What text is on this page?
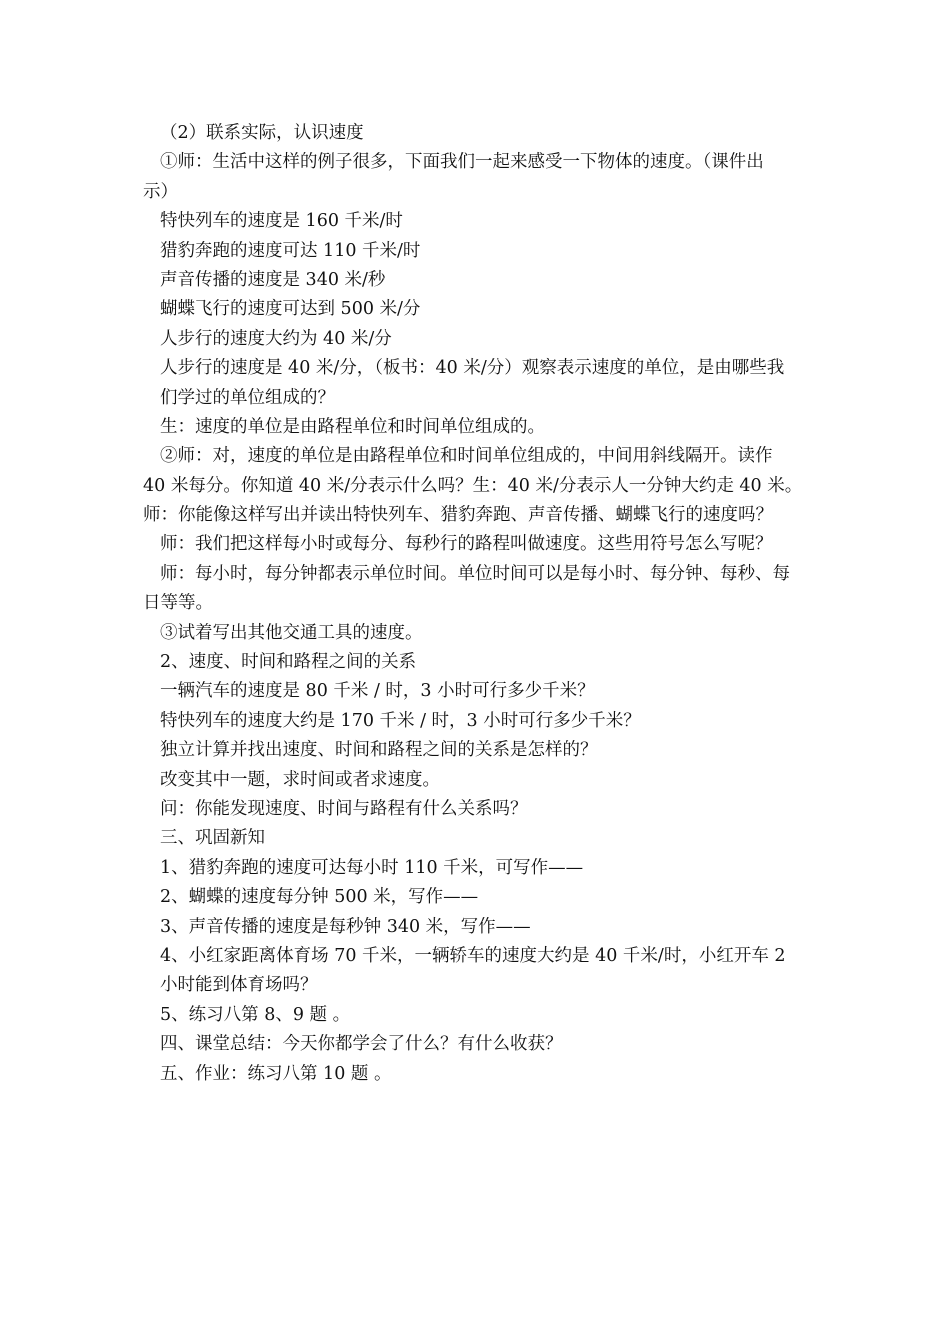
（2）联系实际，认识速度
①师：生活中这样的例子很多，下面我们一起来感受一下物体的速度。（课件出
示）
特快列车的速度是 160 千米/时
猎豹奔跑的速度可达 110 千米/时
声音传播的速度是 340 米/秒
蝴蝶飞行的速度可达到 500 米/分
人步行的速度大约为 40 米/分
人步行的速度是 40 米/分，（板书：40 米/分）观察表示速度的单位，是由哪些我
们学过的单位组成的？
生：速度的单位是由路程单位和时间单位组成的。
②师：对，速度的单位是由路程单位和时间单位组成的，中间用斜线隔开。读作
40 米每分。你知道 40 米/分表示什么吗？生：40 米/分表示人一分钟大约走 40 米。
师：你能像这样写出并读出特快列车、猎豹奔跑、声音传播、蝴蝶飞行的速度吗？
师：我们把这样每小时或每分、每秒行的路程叫做速度。这些用符号怎么写呢？
师：每小时，每分钟都表示单位时间。单位时间可以是每小时、每分钟、每秒、每
日等等。
③试着写出其他交通工具的速度。
2、速度、时间和路程之间的关系
一辆汽车的速度是 80 千米 / 时，3 小时可行多少千米？
特快列车的速度大约是 170 千米 / 时，3 小时可行多少千米？
独立计算并找出速度、时间和路程之间的关系是怎样的？
改变其中一题，求时间或者求速度。
问：你能发现速度、时间与路程有什么关系吗？
三、巩固新知
1、猎豹奔跑的速度可达每小时 110 千米，可写作——
2、蝴蝶的速度每分钟 500 米，写作——
3、声音传播的速度是每秒钟 340 米，写作——
4、小红家距离体育场 70 千米，一辆轿车的速度大约是 40 千米/时，小红开车 2
小时能到体育场吗？
5、练习八第 8、9 题 。
四、课堂总结：今天你都学会了什么？有什么收获？
五、作业：练习八第 10 题 。
